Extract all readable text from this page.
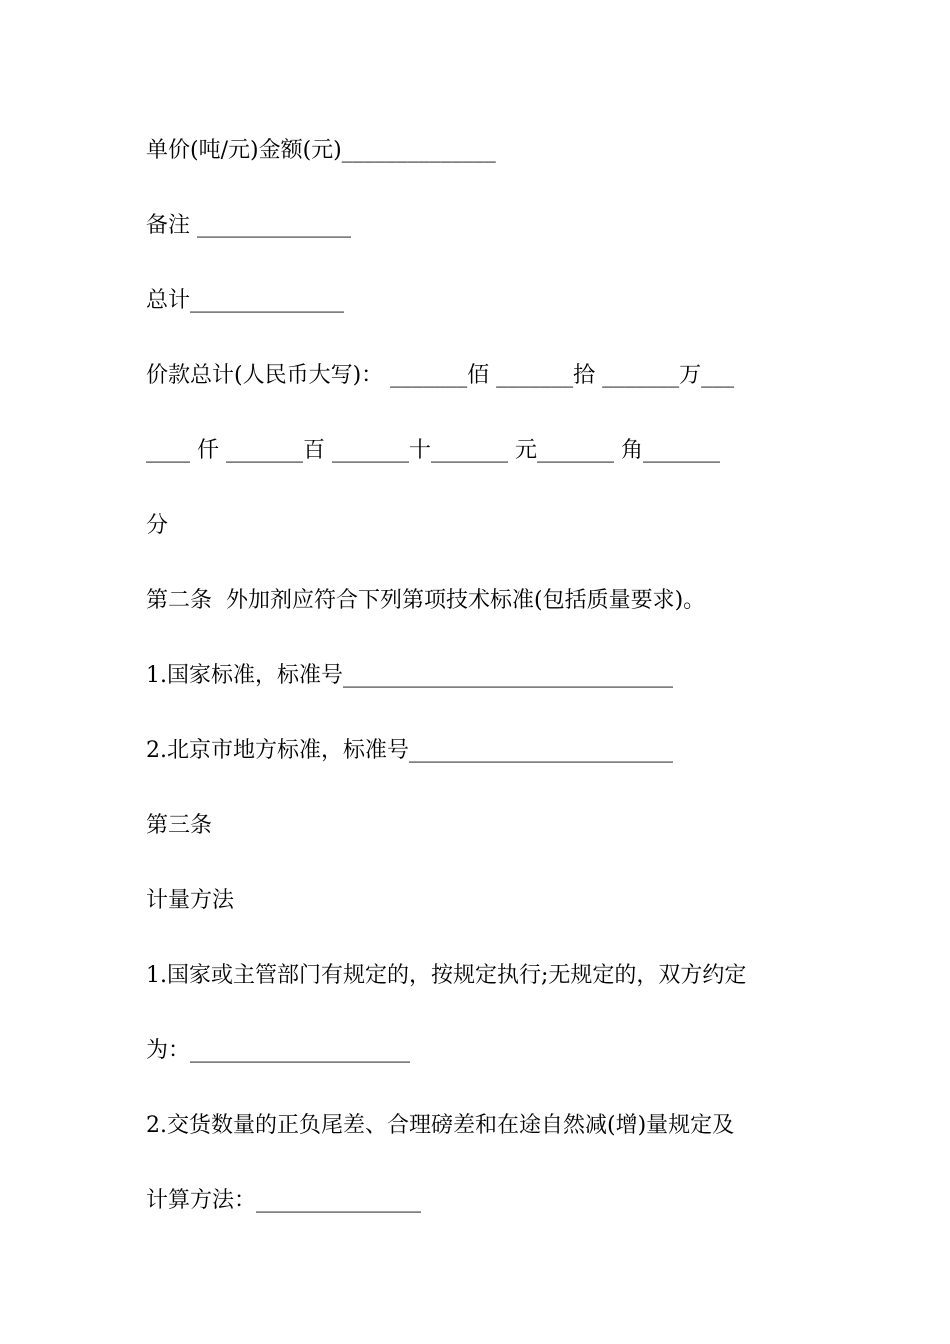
单价(吨/元)金额(元)______________
备注 ______________
总计______________
价款总计(人民币大写)： _______佰 _______拾 _______万___
____ 仟 _______百 _______十_______ 元_______ 角_______
分
第二条  外加剂应符合下列第项技术标准(包括质量要求)。
1.国家标准，标准号______________________________
2.北京市地方标准，标准号________________________
第三条
计量方法
1.国家或主管部门有规定的，按规定执行;无规定的，双方约定
为：____________________
2.交货数量的正负尾差、合理磅差和在途自然减(增)量规定及
计算方法：_______________
